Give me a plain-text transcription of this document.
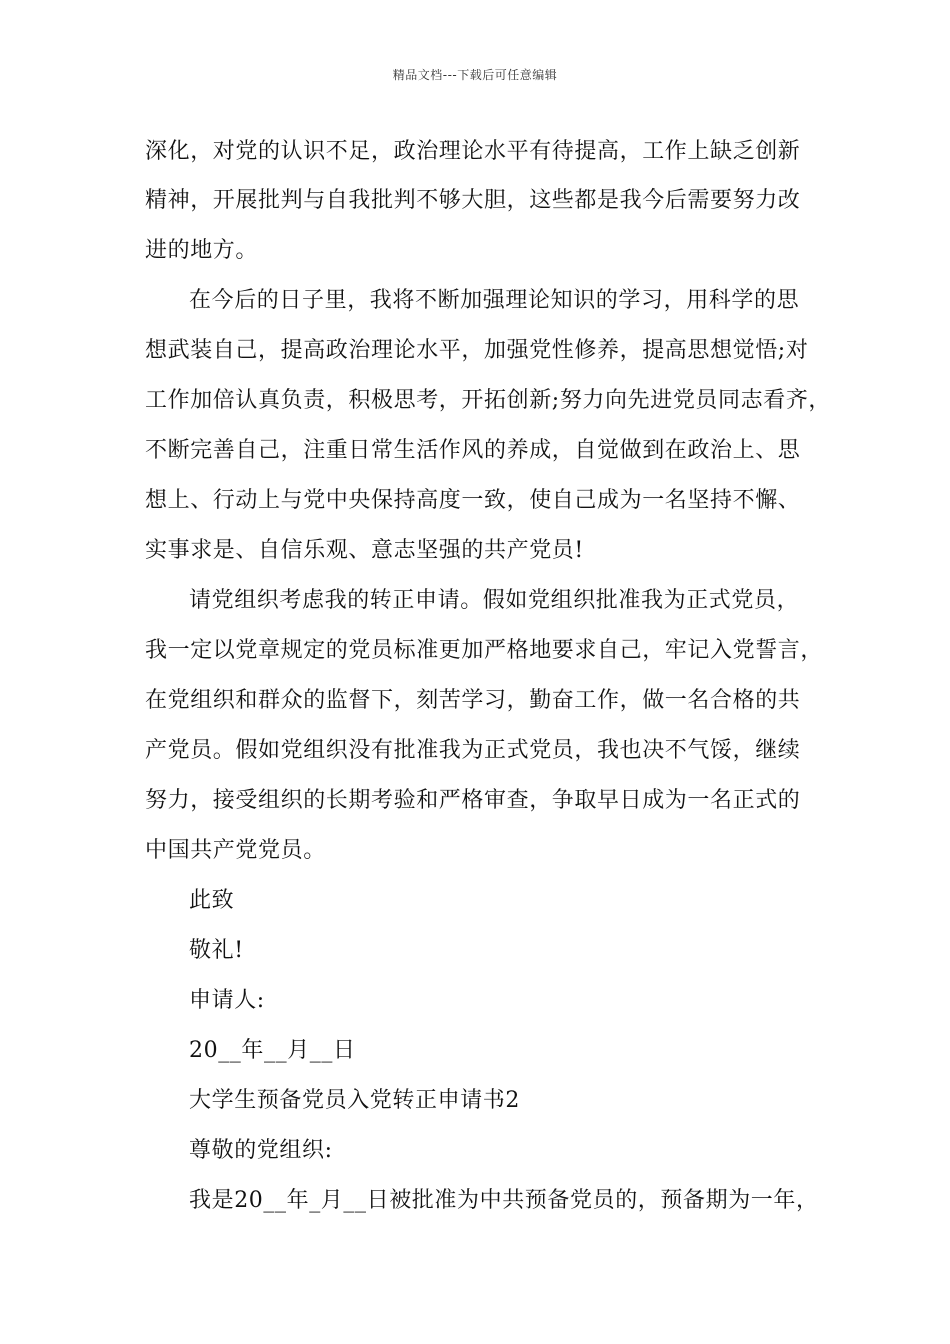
精品文档---下载后可任意编辑
深化，对党的认识不足，政治理论水平有待提高，工作上缺乏创新
精神，开展批判与自我批判不够大胆，这些都是我今后需要努力改
进的地方。
在今后的日子里，我将不断加强理论知识的学习，用科学的思
想武装自己，提高政治理论水平，加强党性修养，提高思想觉悟;对
工作加倍认真负责，积极思考，开拓创新;努力向先进党员同志看齐，
不断完善自己，注重日常生活作风的养成，自觉做到在政治上、思
想上、行动上与党中央保持高度一致，使自己成为一名坚持不懈、
实事求是、自信乐观、意志坚强的共产党员!
请党组织考虑我的转正申请。假如党组织批准我为正式党员，
我一定以党章规定的党员标准更加严格地要求自己，牢记入党誓言，
在党组织和群众的监督下，刻苦学习，勤奋工作，做一名合格的共
产党员。假如党组织没有批准我为正式党员，我也决不气馁，继续
努力，接受组织的长期考验和严格审查，争取早日成为一名正式的
中国共产党党员。
此致
敬礼!
申请人:
20__年__月__日
大学生预备党员入党转正申请书2
尊敬的党组织:
我是20__年_月__日被批准为中共预备党员的，预备期为一年，
